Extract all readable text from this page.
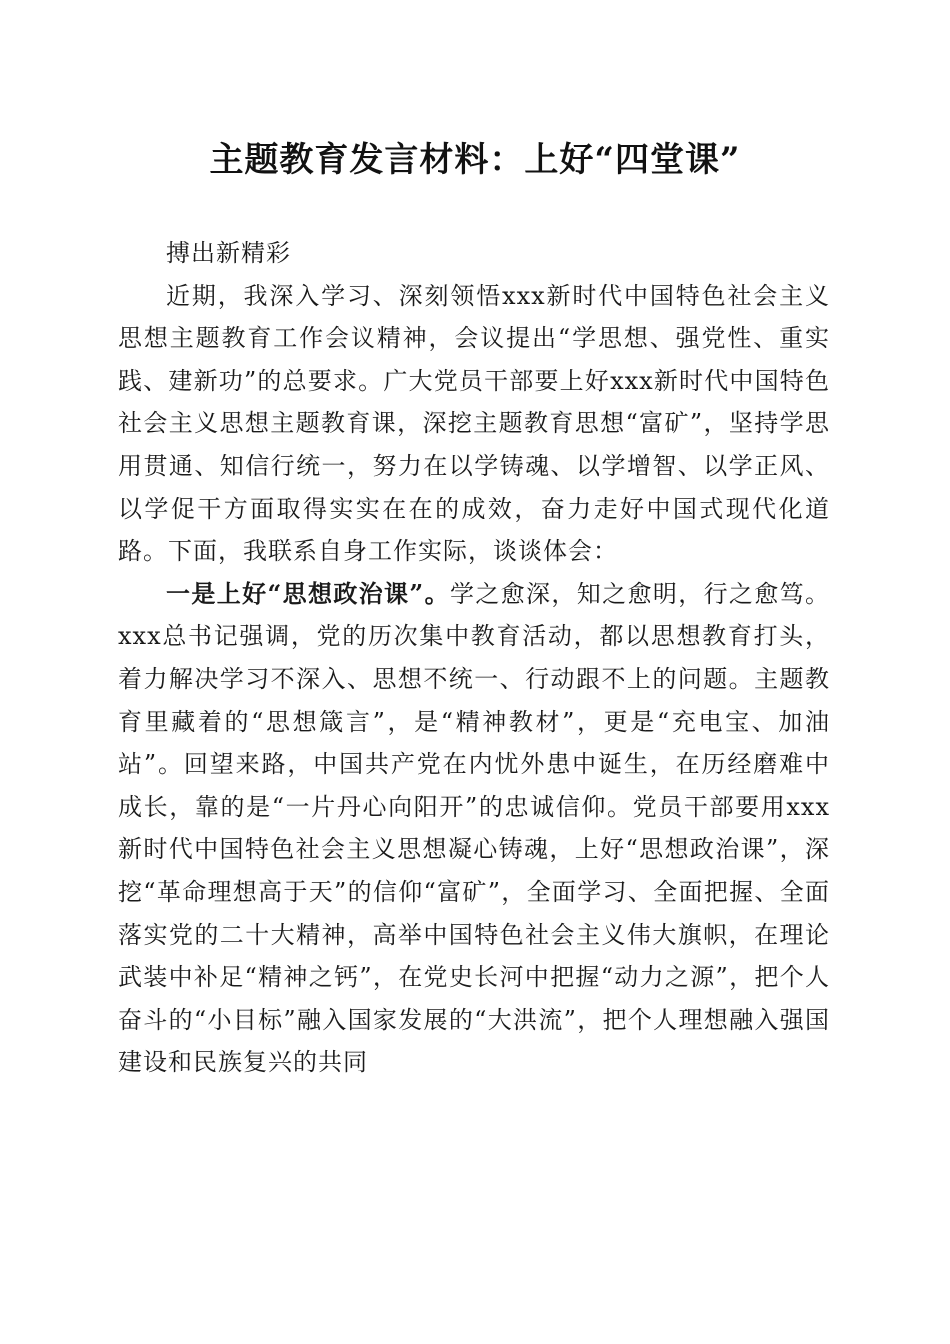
主题教育发言材料：上好“四堂课”

搏出新精彩

近期，我深入学习、深刻领悟xxx新时代中国特色社会主义思想主题教育工作会议精神，会议提出“学思想、强党性、重实践、建新功”的总要求。广大党员干部要上好xxx新时代中国特色社会主义思想主题教育课，深挖主题教育思想“富矿”，坚持学思用贯通、知信行统一，努力在以学铸魂、以学增智、以学正风、以学促干方面取得实实在在的成效，奋力走好中国式现代化道路。下面，我联系自身工作实际，谈谈体会：

一是上好“思想政治课”。学之愈深，知之愈明，行之愈笃。xxx总书记强调，党的历次集中教育活动，都以思想教育打头，着力解决学习不深入、思想不统一、行动跟不上的问题。主题教育里藏着的“思想箴言”，是“精神教材”，更是“充电宝、加油站”。回望来路，中国共产党在内忧外患中诞生，在历经磨难中成长，靠的是“一片丹心向阳开”的忠诚信仰。党员干部要用xxx新时代中国特色社会主义思想凝心铸魂，上好“思想政治课”，深挖“革命理想高于天”的信仰“富矿”，全面学习、全面把握、全面落实党的二十大精神，高举中国特色社会主义伟大旗帜，在理论武装中补足“精神之钙”，在党史长河中把握“动力之源”，把个人奋斗的“小目标”融入国家发展的“大洪流”，把个人理想融入强国建设和民族复兴的共同
